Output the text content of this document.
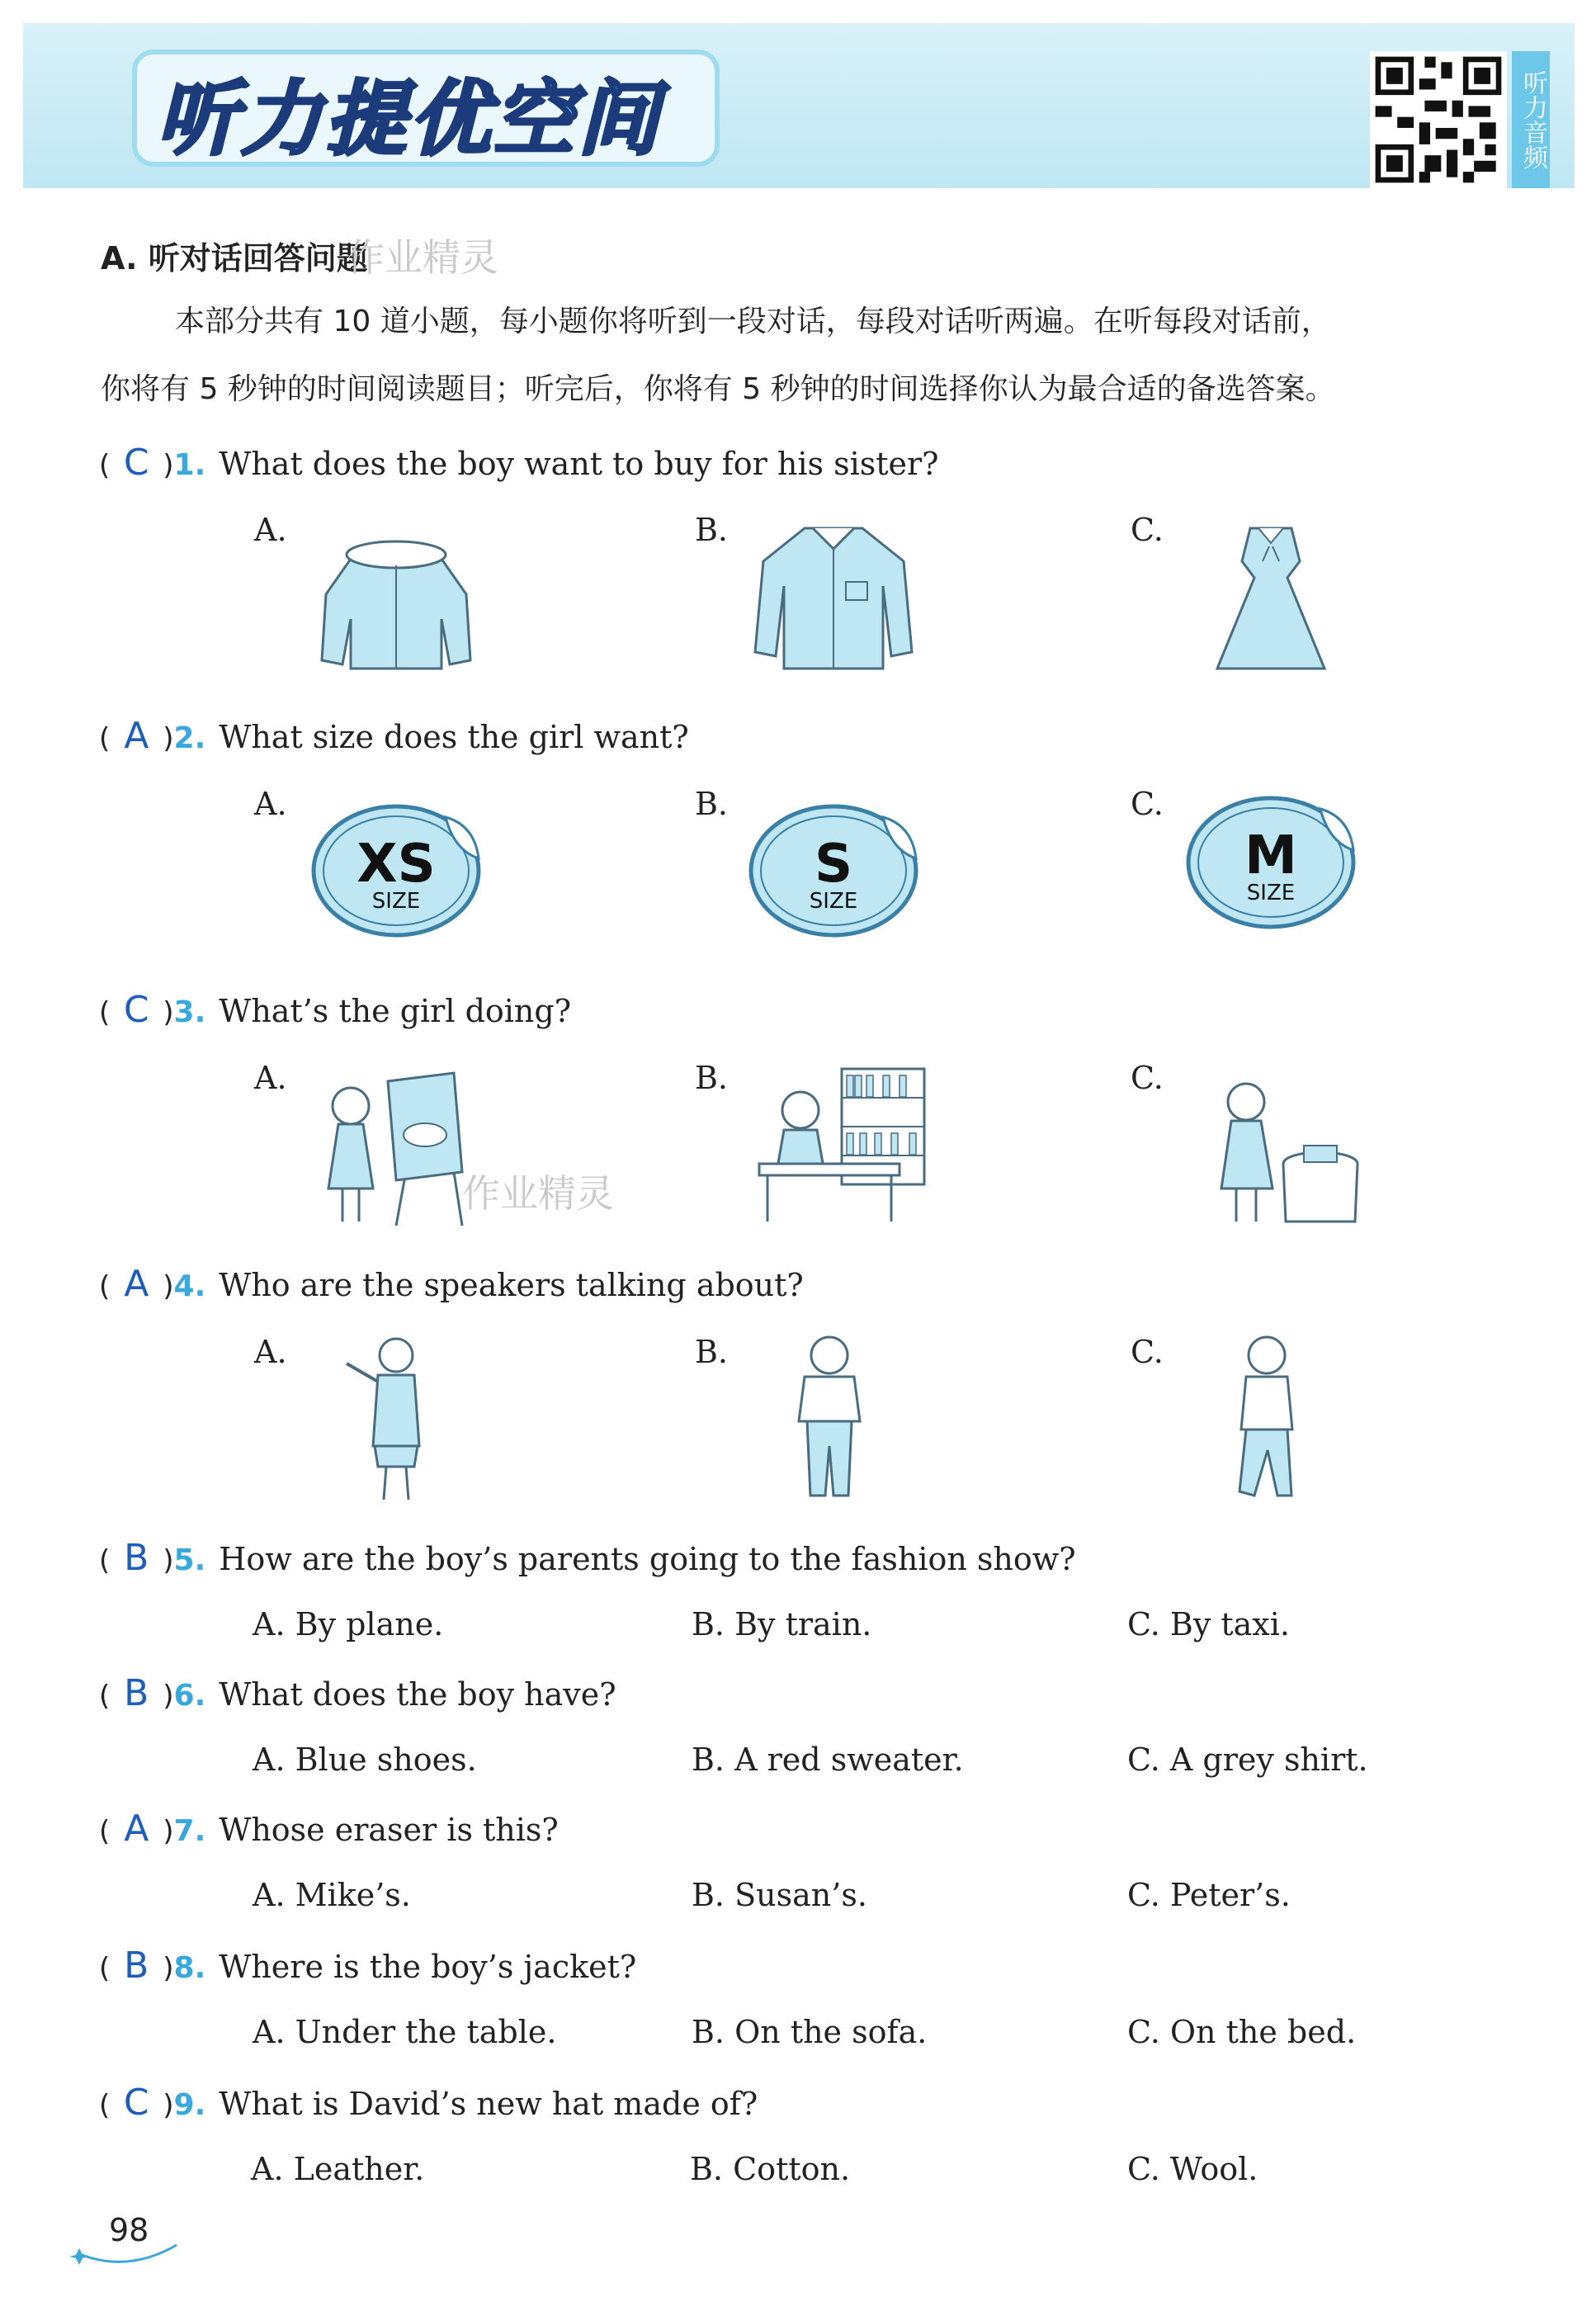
听力提优空间	听力音频
A. 听对话回答问题
作业精灵
本部分共有 10 道小题，每小题你将听到一段对话，每段对话听两遍。在听每段对话前，
你将有 5 秒钟的时间阅读题目；听完后，你将有 5 秒钟的时间选择你认为最合适的备选答案。
( C )1. What does the boy want to buy for his sister?
A.	B.	C.
( A )2. What size does the girl want?
A.	B.	C.
XS
SIZE
S
SIZE
M
SIZE
( C )3. What’s the girl doing?
A.	B.	C.
作业精灵
( A )4. Who are the speakers talking about?
A.	B.	C.
( B )5. How are the boy’s parents going to the fashion show?
A. By plane.	B. By train.	C. By taxi.
( B )6. What does the boy have?
A. Blue shoes.	B. A red sweater.	C. A grey shirt.
( A )7. Whose eraser is this?
A. Mike’s.	B. Susan’s.	C. Peter’s.
( B )8. Where is the boy’s jacket?
A. Under the table.	B. On the sofa.	C. On the bed.
( C )9. What is David’s new hat made of?
A. Leather.	B. Cotton.	C. Wool.
98
